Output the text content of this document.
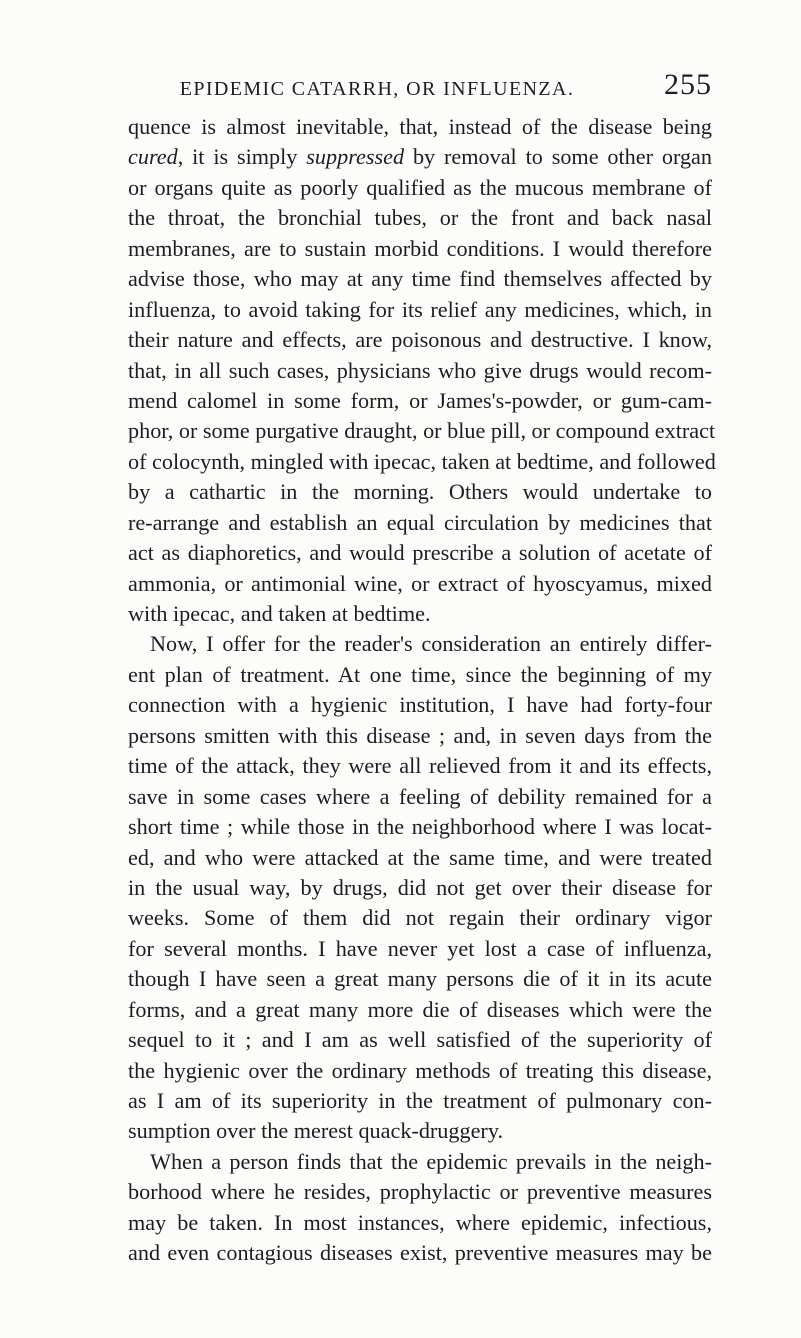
EPIDEMIC CATARRH, OR INFLUENZA.	255
quence is almost inevitable, that, instead of the disease being
cured, it is simply suppressed by removal to some other organ
or organs quite as poorly qualified as the mucous membrane of
the throat, the bronchial tubes, or the front and back nasal
membranes, are to sustain morbid conditions. I would therefore
advise those, who may at any time find themselves affected by
influenza, to avoid taking for its relief any medicines, which, in
their nature and effects, are poisonous and destructive. I know,
that, in all such cases, physicians who give drugs would recom-
mend calomel in some form, or James's-powder, or gum-cam-
phor, or some purgative draught, or blue pill, or compound extract
of colocynth, mingled with ipecac, taken at bedtime, and followed
by a cathartic in the morning. Others would undertake to
re-arrange and establish an equal circulation by medicines that
act as diaphoretics, and would prescribe a solution of acetate of
ammonia, or antimonial wine, or extract of hyoscyamus, mixed
with ipecac, and taken at bedtime.
Now, I offer for the reader's consideration an entirely differ-
ent plan of treatment. At one time, since the beginning of my
connection with a hygienic institution, I have had forty-four
persons smitten with this disease ; and, in seven days from the
time of the attack, they were all relieved from it and its effects,
save in some cases where a feeling of debility remained for a
short time ; while those in the neighborhood where I was locat-
ed, and who were attacked at the same time, and were treated
in the usual way, by drugs, did not get over their disease for
weeks. Some of them did not regain their ordinary vigor
for several months. I have never yet lost a case of influenza,
though I have seen a great many persons die of it in its acute
forms, and a great many more die of diseases which were the
sequel to it ; and I am as well satisfied of the superiority of
the hygienic over the ordinary methods of treating this disease,
as I am of its superiority in the treatment of pulmonary con-
sumption over the merest quack-druggery.
When a person finds that the epidemic prevails in the neigh-
borhood where he resides, prophylactic or preventive measures
may be taken. In most instances, where epidemic, infectious,
and even contagious diseases exist, preventive measures may be
